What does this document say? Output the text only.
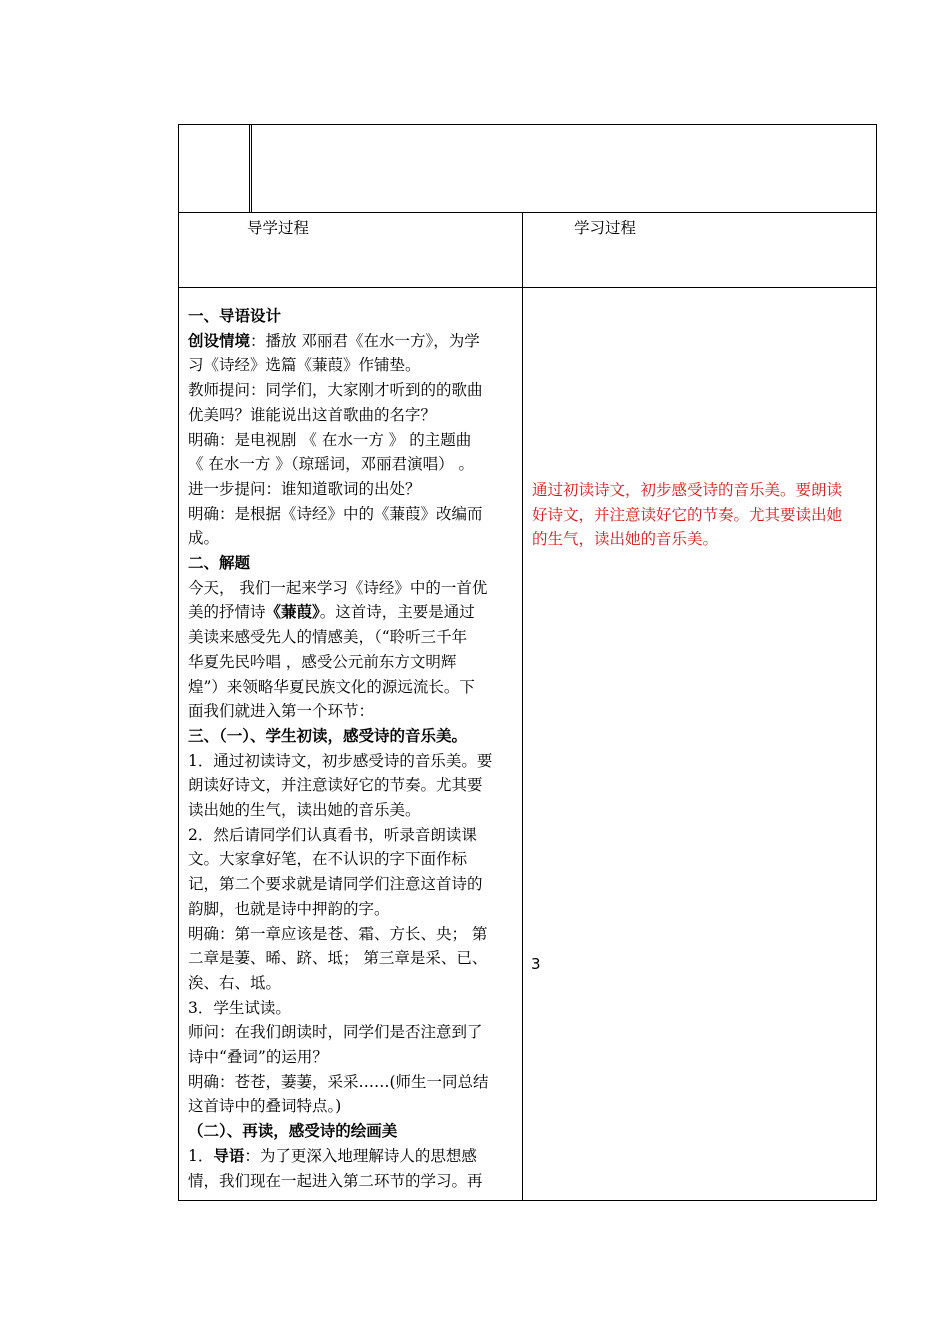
导学过程	学习过程
一、导语设计
创设情境：播放 邓丽君《在水一方》，为学
习《诗经》选篇《蒹葭》作铺垫。
教师提问：同学们，大家刚才听到的的歌曲
优美吗？谁能说出这首歌曲的名字？
明确：是电视剧 《 在水一方 》 的主题曲
《 在水一方 》（琼瑶词，邓丽君演唱） 。
进一步提问：谁知道歌词的出处？
明确：是根据《诗经》中的《蒹葭》改编而
成。
二、解题
今天， 我们一起来学习《诗经》中的一首优
美的抒情诗《蒹葭》。这首诗，主要是通过
美读来感受先人的情感美，（“聆听三千年
华夏先民吟唱 ，感受公元前东方文明辉
煌”）来领略华夏民族文化的源远流长。下
面我们就进入第一个环节：
三、（一）、学生初读，感受诗的音乐美。
1．通过初读诗文，初步感受诗的音乐美。要
朗读好诗文，并注意读好它的节奏。尤其要
读出她的生气，读出她的音乐美。
2．然后请同学们认真看书，听录音朗读课
文。大家拿好笔，在不认识的字下面作标
记，第二个要求就是请同学们注意这首诗的
韵脚，也就是诗中押韵的字。
明确：第一章应该是苍、霜、方长、央； 第
二章是萋、晞、跻、坻； 第三章是采、已、
涘、右、坻。
3．学生试读。
师问：在我们朗读时，同学们是否注意到了
诗中“叠词”的运用？
明确：苍苍，萋萋，采采……(师生一同总结
这首诗中的叠词特点。)
（二）、再读，感受诗的绘画美
1．导语：为了更深入地理解诗人的思想感
情，我们现在一起进入第二环节的学习。再
通过初读诗文，初步感受诗的音乐美。要朗读
好诗文，并注意读好它的节奏。尤其要读出她
的生气，读出她的音乐美。
3
